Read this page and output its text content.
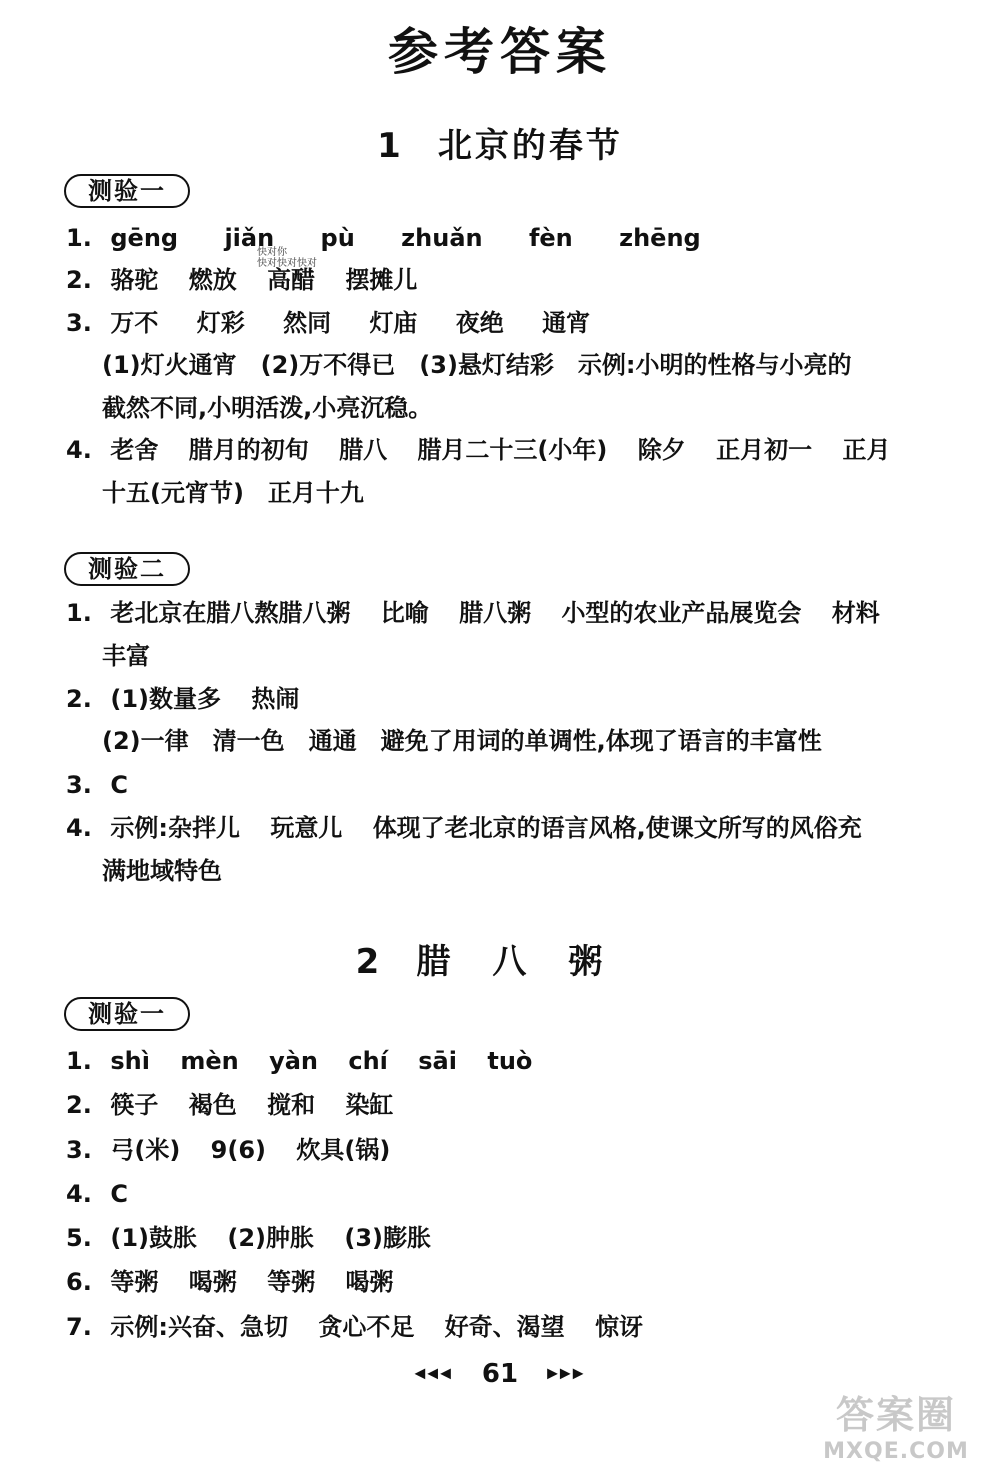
参考答案
1 北京的春节
测验一
1. gēng jiǎn pù zhuǎn fèn zhēng
快对你
快对快对快对
2. 骆驼 燃放 高醋 摆摊儿
3. 万不 灯彩 然同 灯庙 夜绝 通宵
(1)灯火通宵　(2)万不得已　(3)悬灯结彩　示例:小明的性格与小亮的
截然不同,小明活泼,小亮沉稳。
4. 老舍 腊月的初旬 腊八 腊月二十三(小年) 除夕 正月初一 正月
十五(元宵节)　正月十九
测验二
1. 老北京在腊八熬腊八粥 比喻 腊八粥 小型的农业产品展览会 材料
丰富
2. (1)数量多 热闹
(2)一律　清一色　通通　避免了用词的单调性,体现了语言的丰富性
3. C
4. 示例:杂拌儿 玩意儿 体现了老北京的语言风格,使课文所写的风俗充
满地域特色
2 腊八粥
测验一
1. shì mèn yàn chí sāi tuò
2. 筷子 褐色 搅和 染缸
3. 弓(米) 9(6) 炊具(锅)
4. C
5. (1)鼓胀 (2)肿胀 (3)膨胀
6. 等粥 喝粥 等粥 喝粥
7. 示例:兴奋、急切 贪心不足 好奇、渴望 惊讶
◀◀◀ 61 ▶▶▶
答案圈
MXQE.COM
